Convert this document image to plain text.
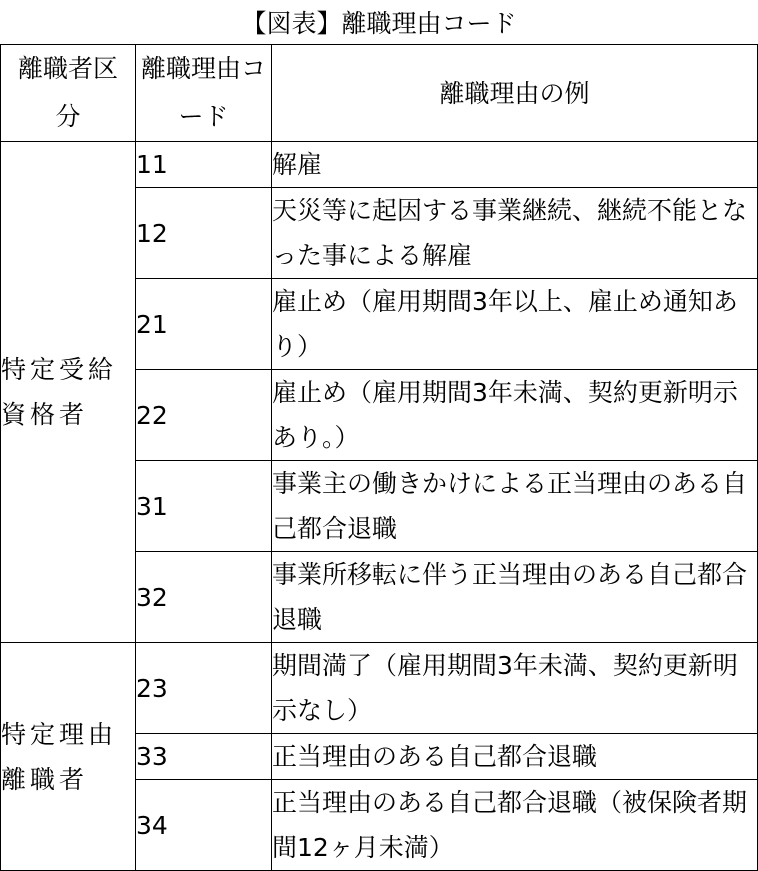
【図表】離職理由コード
離職者区分	離職理由コード	離職理由の例
特定受給資格者	11	解雇
	12	天災等に起因する事業継続、継続不能となった事による解雇
	21	雇止め（雇用期間3年以上、雇止め通知あり）
	22	雇止め（雇用期間3年未満、契約更新明示あり。）
	31	事業主の働きかけによる正当理由のある自己都合退職
	32	事業所移転に伴う正当理由のある自己都合退職
特定理由離職者	23	期間満了（雇用期間3年未満、契約更新明示なし）
	33	正当理由のある自己都合退職
	34	正当理由のある自己都合退職（被保険者期間12ヶ月未満）
